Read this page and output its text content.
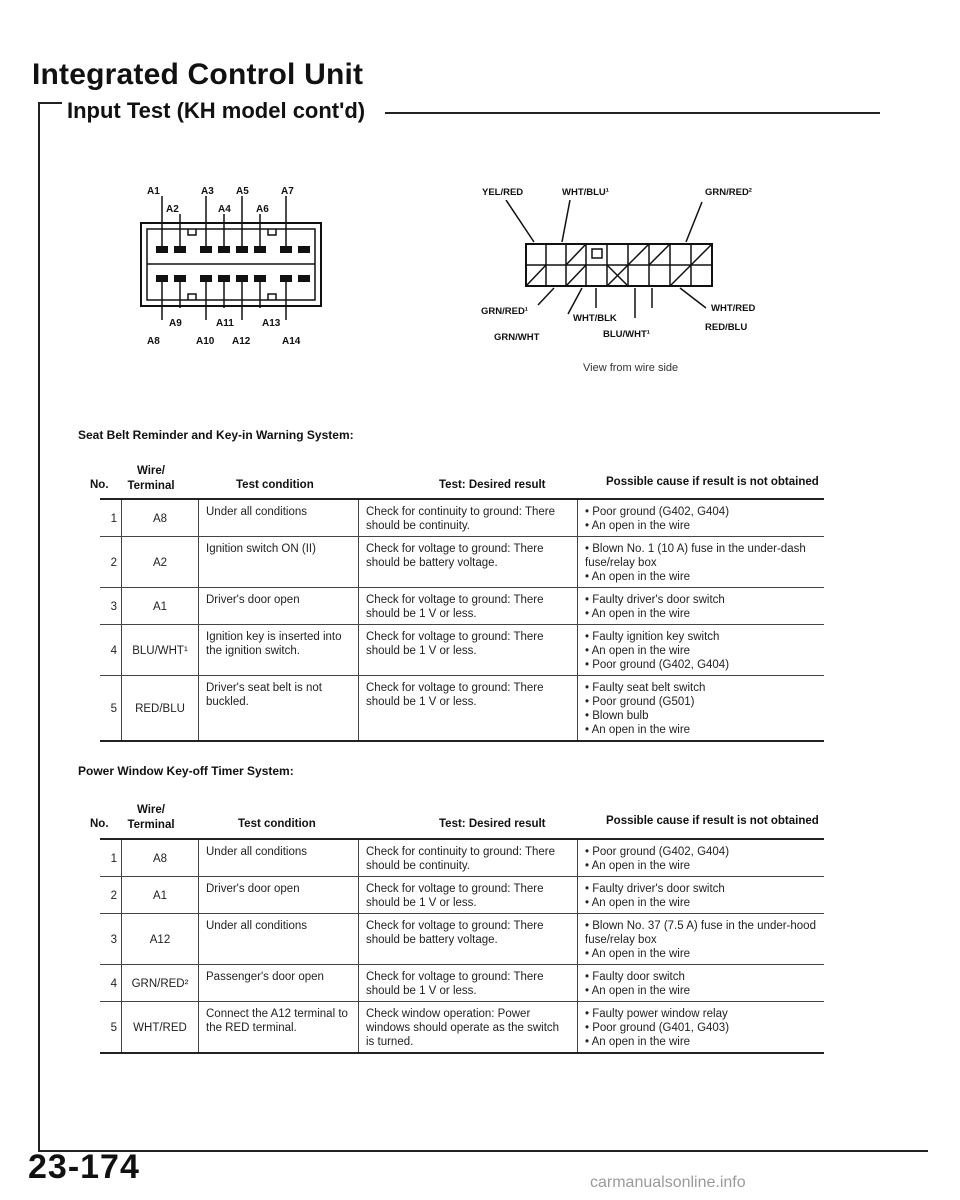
Integrated Control Unit
Input Test (KH model cont'd)
A1
A2
A3
A4
A5
A6
A7
A8
A9
A10
A11
A12
A13
A14
YEL/RED	WHT/BLU¹	GRN/RED²
GRN/RED¹
WHT/BLK
GRN/WHT	BLU/WHT¹
WHT/RED
RED/BLU
View from wire side
Seat Belt Reminder and Key-in Warning System:
No.
Wire/
Terminal	Test condition	Test: Desired result	Possible cause if result is not obtained
1	A8	Under all conditions	Check for continuity to ground: There should be continuity.	• Poor ground (G402, G404)
• An open in the wire

2	A2	Ignition switch ON (II)	Check for voltage to ground: There should be battery voltage.	• Blown No. 1 (10 A) fuse in the under-dash fuse/relay box
• An open in the wire

3	A1	Driver's door open	Check for voltage to ground: There should be 1 V or less.	• Faulty driver's door switch
• An open in the wire

4	BLU/WHT¹	Ignition key is inserted into the ignition switch.	Check for voltage to ground: There should be 1 V or less.	• Faulty ignition key switch
• An open in the wire
• Poor ground (G402, G404)

5	RED/BLU	Driver's seat belt is not buckled.	Check for voltage to ground: There should be 1 V or less.	• Faulty seat belt switch
• Poor ground (G501)
• Blown bulb
• An open in the wire
Power Window Key-off Timer System:
No.
Wire/
Terminal	Test condition	Test: Desired result	Possible cause if result is not obtained
1	A8	Under all conditions	Check for continuity to ground: There should be continuity.	• Poor ground (G402, G404)
• An open in the wire

2	A1	Driver's door open	Check for voltage to ground: There should be 1 V or less.	• Faulty driver's door switch
• An open in the wire

3	A12	Under all conditions	Check for voltage to ground: There should be battery voltage.	• Blown No. 37 (7.5 A) fuse in the under-hood fuse/relay box
• An open in the wire

4	GRN/RED²	Passenger's door open	Check for voltage to ground: There should be 1 V or less.	• Faulty door switch
• An open in the wire

5	WHT/RED	Connect the A12 terminal to the RED terminal.	Check window operation: Power windows should operate as the switch is turned.	• Faulty power window relay
• Poor ground (G401, G403)
• An open in the wire
23-174	carmanualsonline.info
